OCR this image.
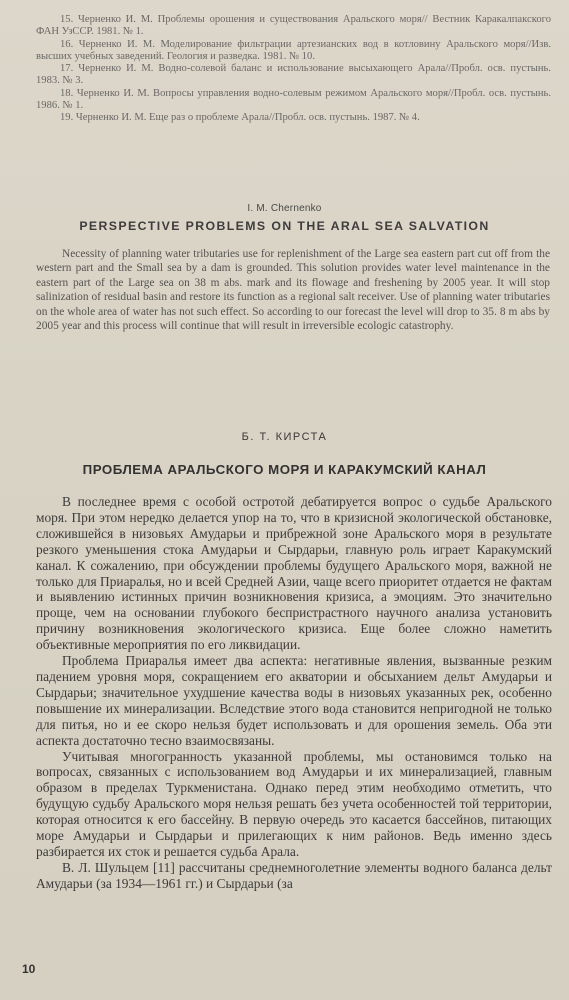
15. Черненко И. М. Проблемы орошения и существования Аральского моря// Вестник Каракалпакского ФАН УзССР. 1981. № 1.

16. Черненко И. М. Моделирование фильтрации артезианских вод в котловину Аральского моря//Изв. высших учебных заведений. Геология и разведка. 1981. № 10.

17. Черненко И. М. Водно-солевой баланс и использование высыхающего Арала//Пробл. осв. пустынь. 1983. № 3.

18. Черненко И. М. Вопросы управления водно-солевым режимом Аральского моря//Пробл. осв. пустынь. 1986. № 1.

19. Черненко И. М. Еще раз о проблеме Арала//Пробл. осв. пустынь. 1987. № 4.

I. M. Chernenko
PERSPECTIVE PROBLEMS ON THE ARAL SEA SALVATION

Necessity of planning water tributaries use for replenishment of the Large sea eastern part cut off from the western part and the Small sea by a dam is grounded. This solution provides water level maintenance in the eastern part of the Large sea on 38 m abs. mark and its flowage and freshening by 2005 year. It will stop salinization of residual basin and restore its function as a regional salt receiver. Use of planning water tributaries on the whole area of water has not such effect. So according to our forecast the level will drop to 35. 8 m abs by 2005 year and this process will continue that will result in irreversible ecologic catastrophy.

Б. Т. КИРСТА
ПРОБЛЕМА АРАЛЬСКОГО МОРЯ И КАРАКУМСКИЙ КАНАЛ

В последнее время с особой остротой дебатируется вопрос о судьбе Аральского моря. При этом нередко делается упор на то, что в кризисной экологической обстановке, сложившейся в низовьях Амударьи и прибрежной зоне Аральского моря в результате резкого уменьшения стока Амударьи и Сырдарьи, главную роль играет Каракумский канал. К сожалению, при обсуждении проблемы будущего Аральского моря, важной не только для Приаралья, но и всей Средней Азии, чаще всего приоритет отдается не фактам и выявлению истинных причин возникновения кризиса, а эмоциям. Это значительно проще, чем на основании глубокого беспристрастного научного анализа установить причину возникновения экологического кризиса. Еще более сложно наметить объективные мероприятия по его ликвидации.

Проблема Приаралья имеет два аспекта: негативные явления, вызванные резким падением уровня моря, сокращением его акватории и обсыханием дельт Амударьи и Сырдарьи; значительное ухудшение качества воды в низовьях указанных рек, особенно повышение их минерализации. Вследствие этого вода становится непригодной не только для питья, но и ее скоро нельзя будет использовать и для орошения земель. Оба эти аспекта достаточно тесно взаимосвязаны.

Учитывая многогранность указанной проблемы, мы остановимся только на вопросах, связанных с использованием вод Амударьи и их минерализацией, главным образом в пределах Туркменистана. Однако перед этим необходимо отметить, что будущую судьбу Аральского моря нельзя решать без учета особенностей той территории, которая относится к его бассейну. В первую очередь это касается бассейнов, питающих море Амударьи и Сырдарьи и прилегающих к ним районов. Ведь именно здесь разбирается их сток и решается судьба Арала.

В. Л. Шульцем [11] рассчитаны среднемноголетние элементы водного баланса дельт Амударьи (за 1934—1961 гг.) и Сырдарьи (за

10
